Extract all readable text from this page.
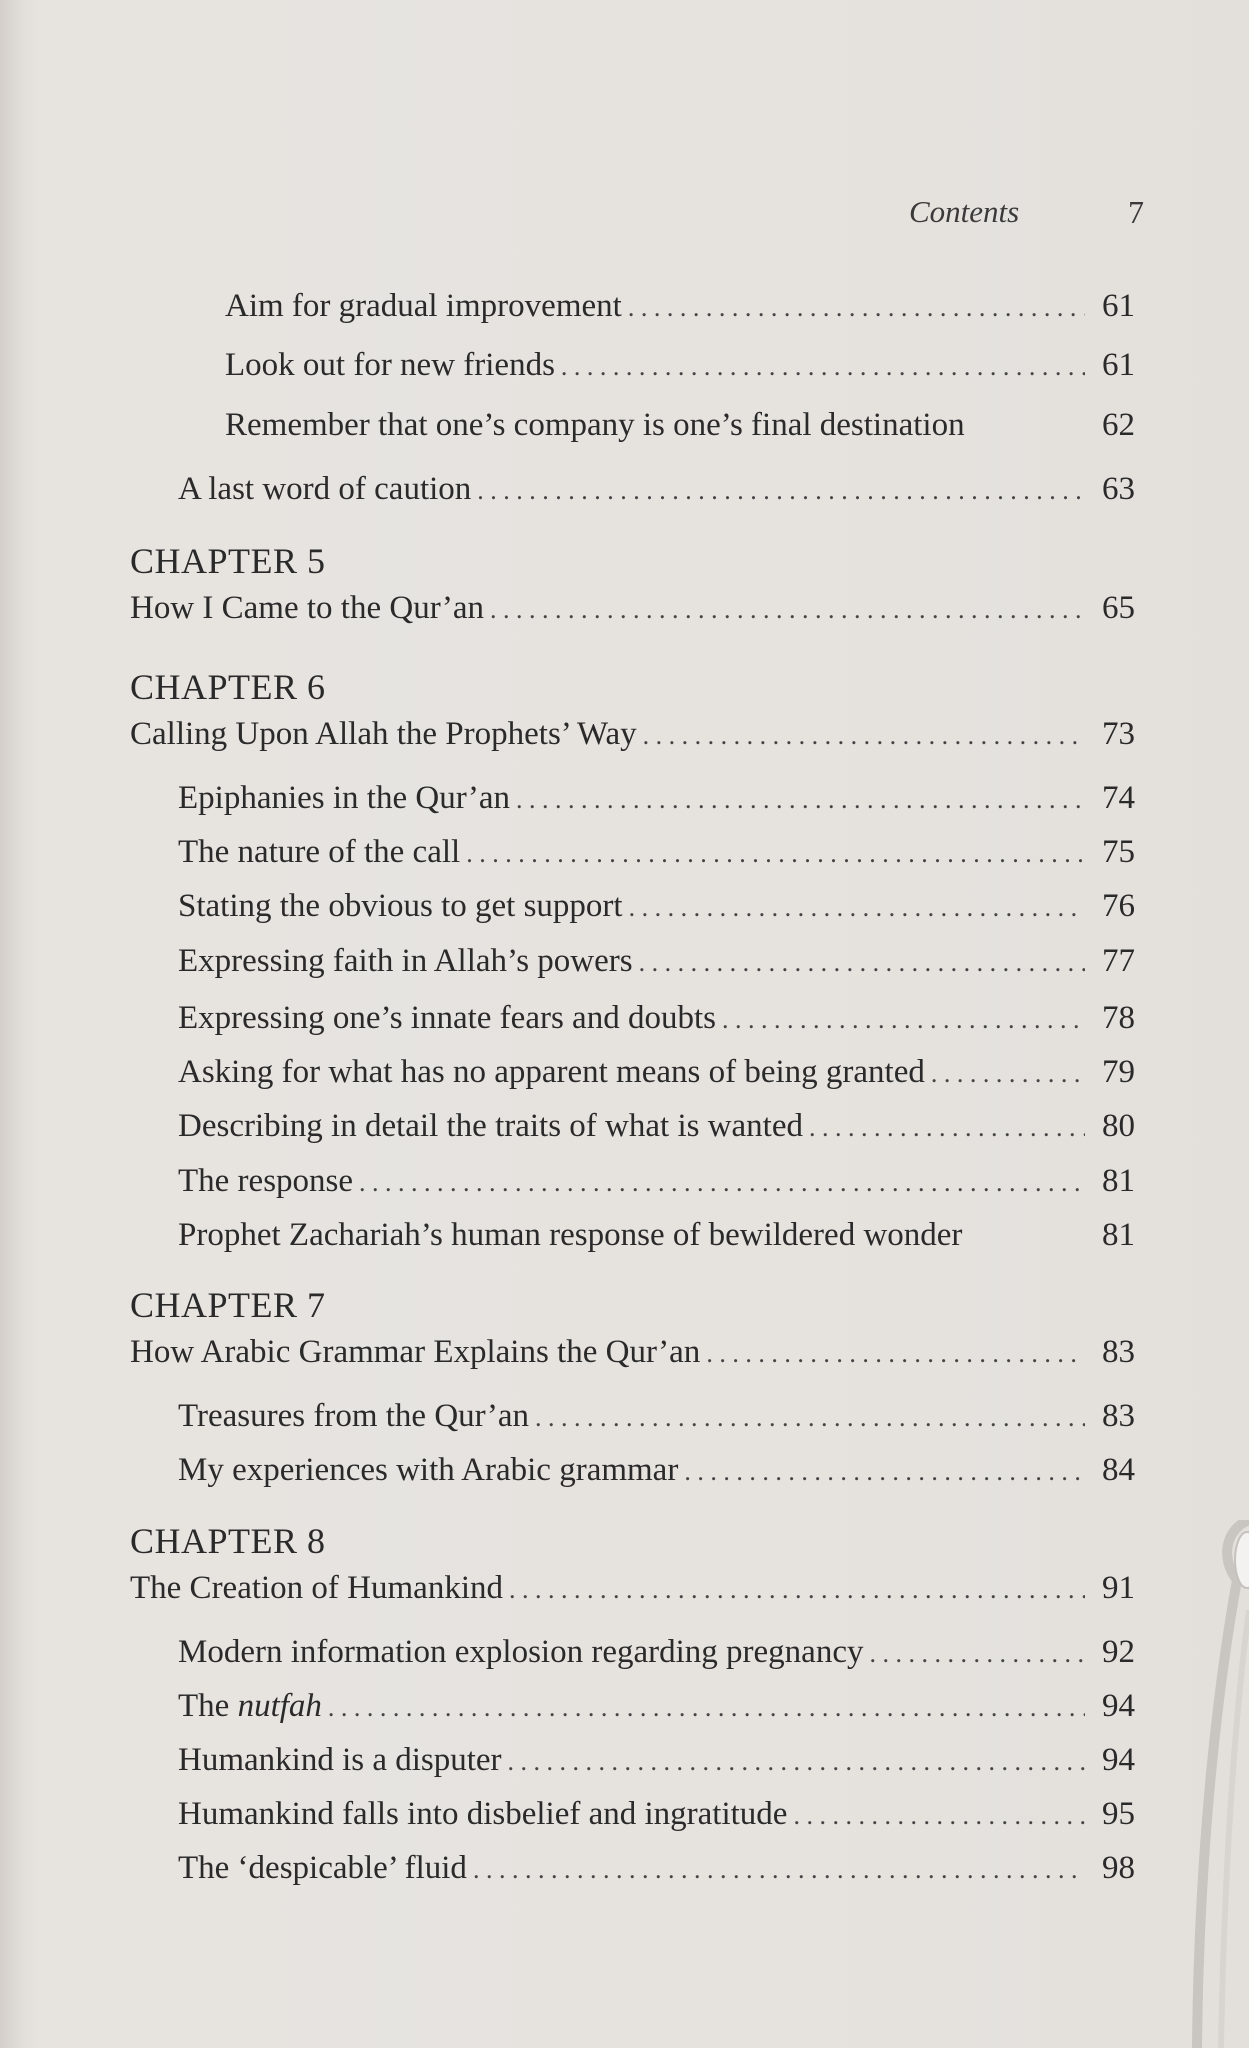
Contents	7
Aim for gradual improvement . . .	61
Look out for new friends . . .	61
Remember that one’s company is one’s final destination	62
A last word of caution . . .	63
CHAPTER 5
How I Came to the Qur’an . . .	65
CHAPTER 6
Calling Upon Allah the Prophets’ Way . . .	73
Epiphanies in the Qur’an . . .	74
The nature of the call . . .	75
Stating the obvious to get support . . .	76
Expressing faith in Allah’s powers . . .	77
Expressing one’s innate fears and doubts . . .	78
Asking for what has no apparent means of being granted . . .	79
Describing in detail the traits of what is wanted . . .	80
The response . . .	81
Prophet Zachariah’s human response of bewildered wonder	81
CHAPTER 7
How Arabic Grammar Explains the Qur’an . . .	83
Treasures from the Qur’an . . .	83
My experiences with Arabic grammar . . .	84
CHAPTER 8
The Creation of Humankind . . .	91
Modern information explosion regarding pregnancy . . .	92
The nutfah . . .	94
Humankind is a disputer . . .	94
Humankind falls into disbelief and ingratitude . . .	95
The ‘despicable’ fluid . . .	98
